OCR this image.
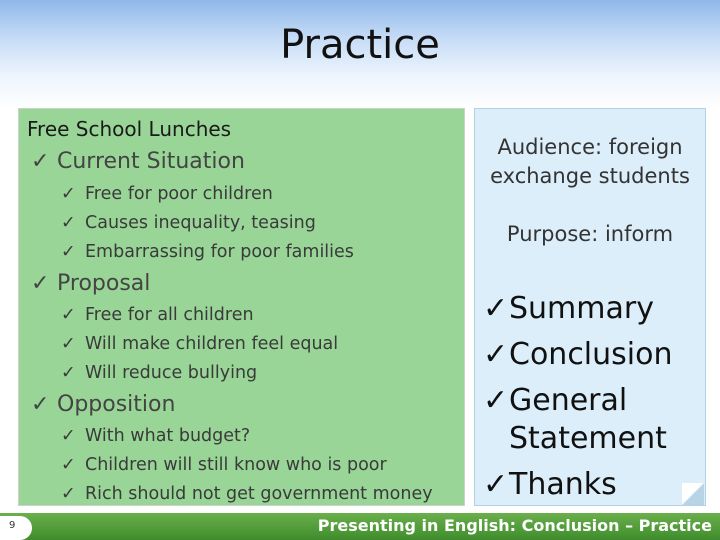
Practice
Free School Lunches
✓ Current Situation
✓ Free for poor children
✓ Causes inequality, teasing
✓ Embarrassing for poor families
✓ Proposal
✓ Free for all children
✓ Will make children feel equal
✓ Will reduce bullying
✓ Opposition
✓ With what budget?
✓ Children will still know who is poor
✓ Rich should not get government money
Audience: foreign
exchange students
Purpose: inform
✓Summary
✓Conclusion
✓General
Statement
✓Thanks
9	Presenting in English: Conclusion – Practice
